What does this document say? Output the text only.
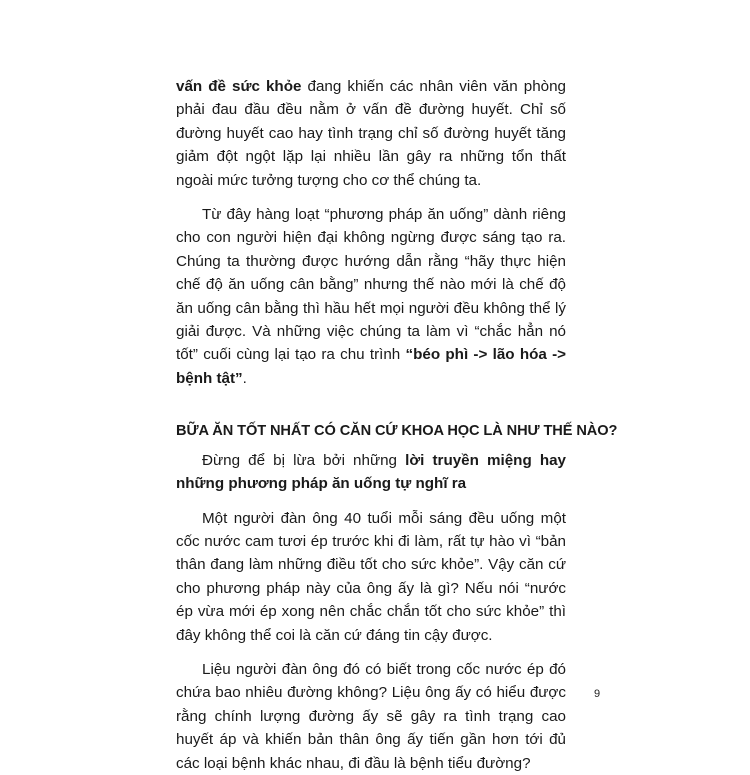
vấn đề sức khỏe đang khiến các nhân viên văn phòng phải đau đầu đều nằm ở vấn đề đường huyết. Chỉ số đường huyết cao hay tình trạng chỉ số đường huyết tăng giảm đột ngột lặp lại nhiều lần gây ra những tổn thất ngoài mức tưởng tượng cho cơ thể chúng ta.

Từ đây hàng loạt “phương pháp ăn uống” dành riêng cho con người hiện đại không ngừng được sáng tạo ra. Chúng ta thường được hướng dẫn rằng “hãy thực hiện chế độ ăn uống cân bằng” nhưng thế nào mới là chế độ ăn uống cân bằng thì hầu hết mọi người đều không thể lý giải được. Và những việc chúng ta làm vì “chắc hẳn nó tốt” cuối cùng lại tạo ra chu trình “béo phì -> lão hóa -> bệnh tật”.

BỮA ĂN TỐT NHẤT CÓ CĂN CỨ KHOA HỌC LÀ NHƯ THẾ NÀO?

Đừng để bị lừa bởi những lời truyền miệng hay những phương pháp ăn uống tự nghĩ ra

Một người đàn ông 40 tuổi mỗi sáng đều uống một cốc nước cam tươi ép trước khi đi làm, rất tự hào vì “bản thân đang làm những điều tốt cho sức khỏe”. Vậy căn cứ cho phương pháp này của ông ấy là gì? Nếu nói “nước ép vừa mới ép xong nên chắc chắn tốt cho sức khỏe” thì đây không thể coi là căn cứ đáng tin cậy được.

Liệu người đàn ông đó có biết trong cốc nước ép đó chứa bao nhiêu đường không? Liệu ông ấy có hiểu được rằng chính lượng đường ấy sẽ gây ra tình trạng cao huyết áp và khiến bản thân ông ấy tiến gần hơn tới đủ các loại bệnh khác nhau, đi đầu là bệnh tiểu đường?

9
